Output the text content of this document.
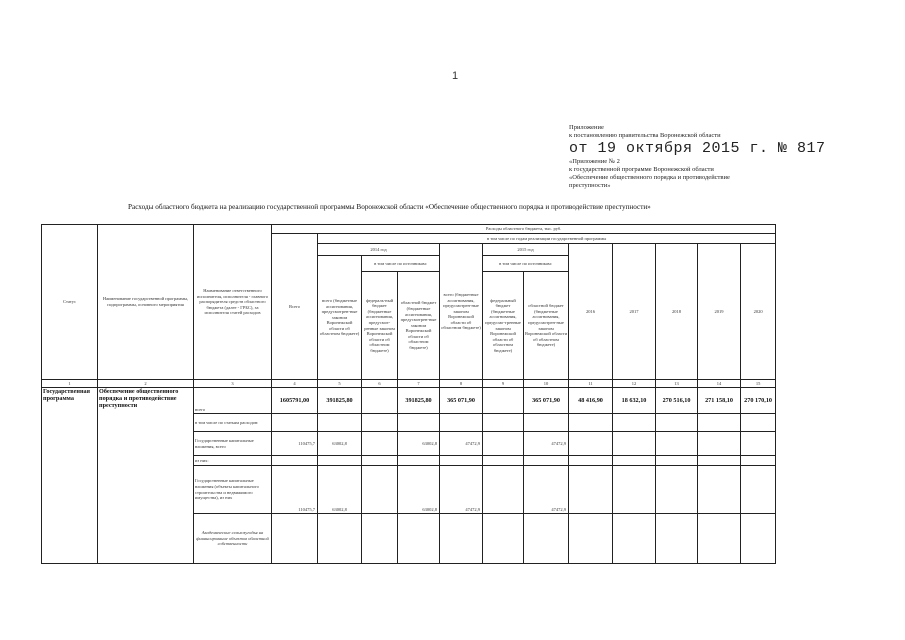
1
Приложение
к постановлению правительства Воронежской области
от 19 октября 2015 г. № 817
«Приложение № 2
к государственной программе Воронежской области
«Обеспечение общественного порядка и противодействие
преступности»
Расходы областного бюджета на реализацию государственной программы Воронежской области «Обеспечение общественного порядка и противодействие преступности»
Статус	Наименование государственной программы, подпрограммы, основного мероприятия	Наименование ответственного исполнителя, исполнителя - главного распорядителя средств областного бюджета (далее - ГРБС), за исполнителя статей расходов	Расходы областного бюджета, тыс. руб.											
			Всего	в том числе по годам реализации государственной программы										
				2014 год			всего (бюджетные ассигнования, предусмотрен-ные законом Воронежской области об областном бюджете)	2015 год		2016	2017	2018	2019	2020
				всего (бюджетные ассигнования, предусмотрен-ные законом Воронежской области об областном бюджете)	в том числе по источникам:			в том числе по источникам:						
					федераль-ный бюджет (бюджетные ассигнования, предусмот-ренные законом Воронежской области об областном бюджете)	областной бюджет (бюджетные ассигнования, предусмотрен-ные законом Воронежской области об областном бюджете)		федеральный бюджет (бюджетные ассигнования, предусмо-тренные законом Воронежской области об областном бюджете)	областной бюджет (бюджетные ассигнования, предусмотрен-ные законом Воронежской области об областном бюджете)					
1	2	3	4	5	6	7	8	9	10	11	12	13	14	15
Государственная программа	Обеспечение общественного порядка и противодействие преступности	всего	1605791,00	391825,80		391825,80	365 071,90		365 071,90	48 416,90	18 632,10	270 516,10	271 158,10	270 170,10
		в том числе по статьям расходов:												
		Государственные капитальные вложения, всего	110475,7	63002,8		63002,8	47472,9		47472,9					
		из них:												
		Государственные капитальные вложения (объекты капитального строительства и недвижимого имущества), из них	110475,7	63002,8		63002,8	47472,9		47472,9					
		Академические сельхозугодья на финансирование объектов областной собственности												
